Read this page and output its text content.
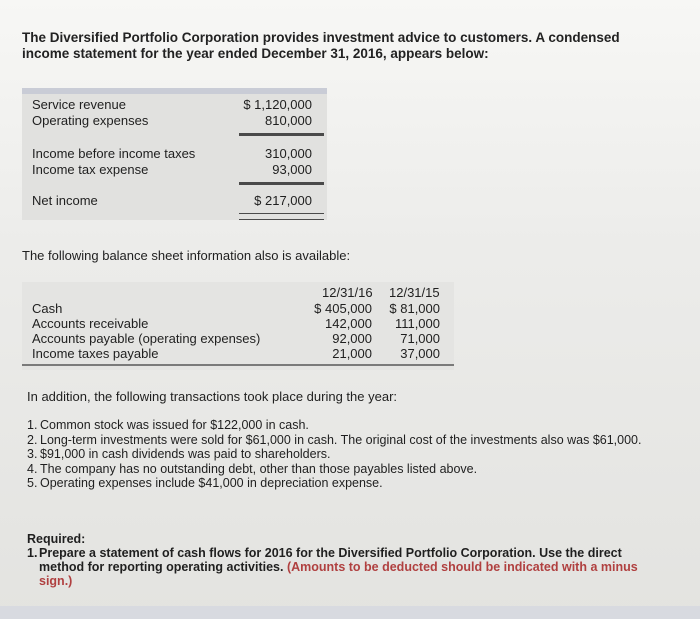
The Diversified Portfolio Corporation provides investment advice to customers. A condensed income statement for the year ended December 31, 2016, appears below:
Service revenue	$ 1,120,000
Operating expenses	810,000
Income before income taxes	310,000
Income tax expense	93,000
Net income	$ 217,000
The following balance sheet information also is available:
12/31/16 12/31/15
Cash	$ 405,000 $ 81,000
Accounts receivable	142,000 111,000
Accounts payable (operating expenses)	92,000 71,000
Income taxes payable	21,000 37,000
In addition, the following transactions took place during the year:
1. Common stock was issued for $122,000 in cash.
2. Long-term investments were sold for $61,000 in cash. The original cost of the investments also was $61,000.
3. $91,000 in cash dividends was paid to shareholders.
4. The company has no outstanding debt, other than those payables listed above.
5. Operating expenses include $41,000 in depreciation expense.
Required:
1. Prepare a statement of cash flows for 2016 for the Diversified Portfolio Corporation. Use the direct method for reporting operating activities. (Amounts to be deducted should be indicated with a minus sign.)
